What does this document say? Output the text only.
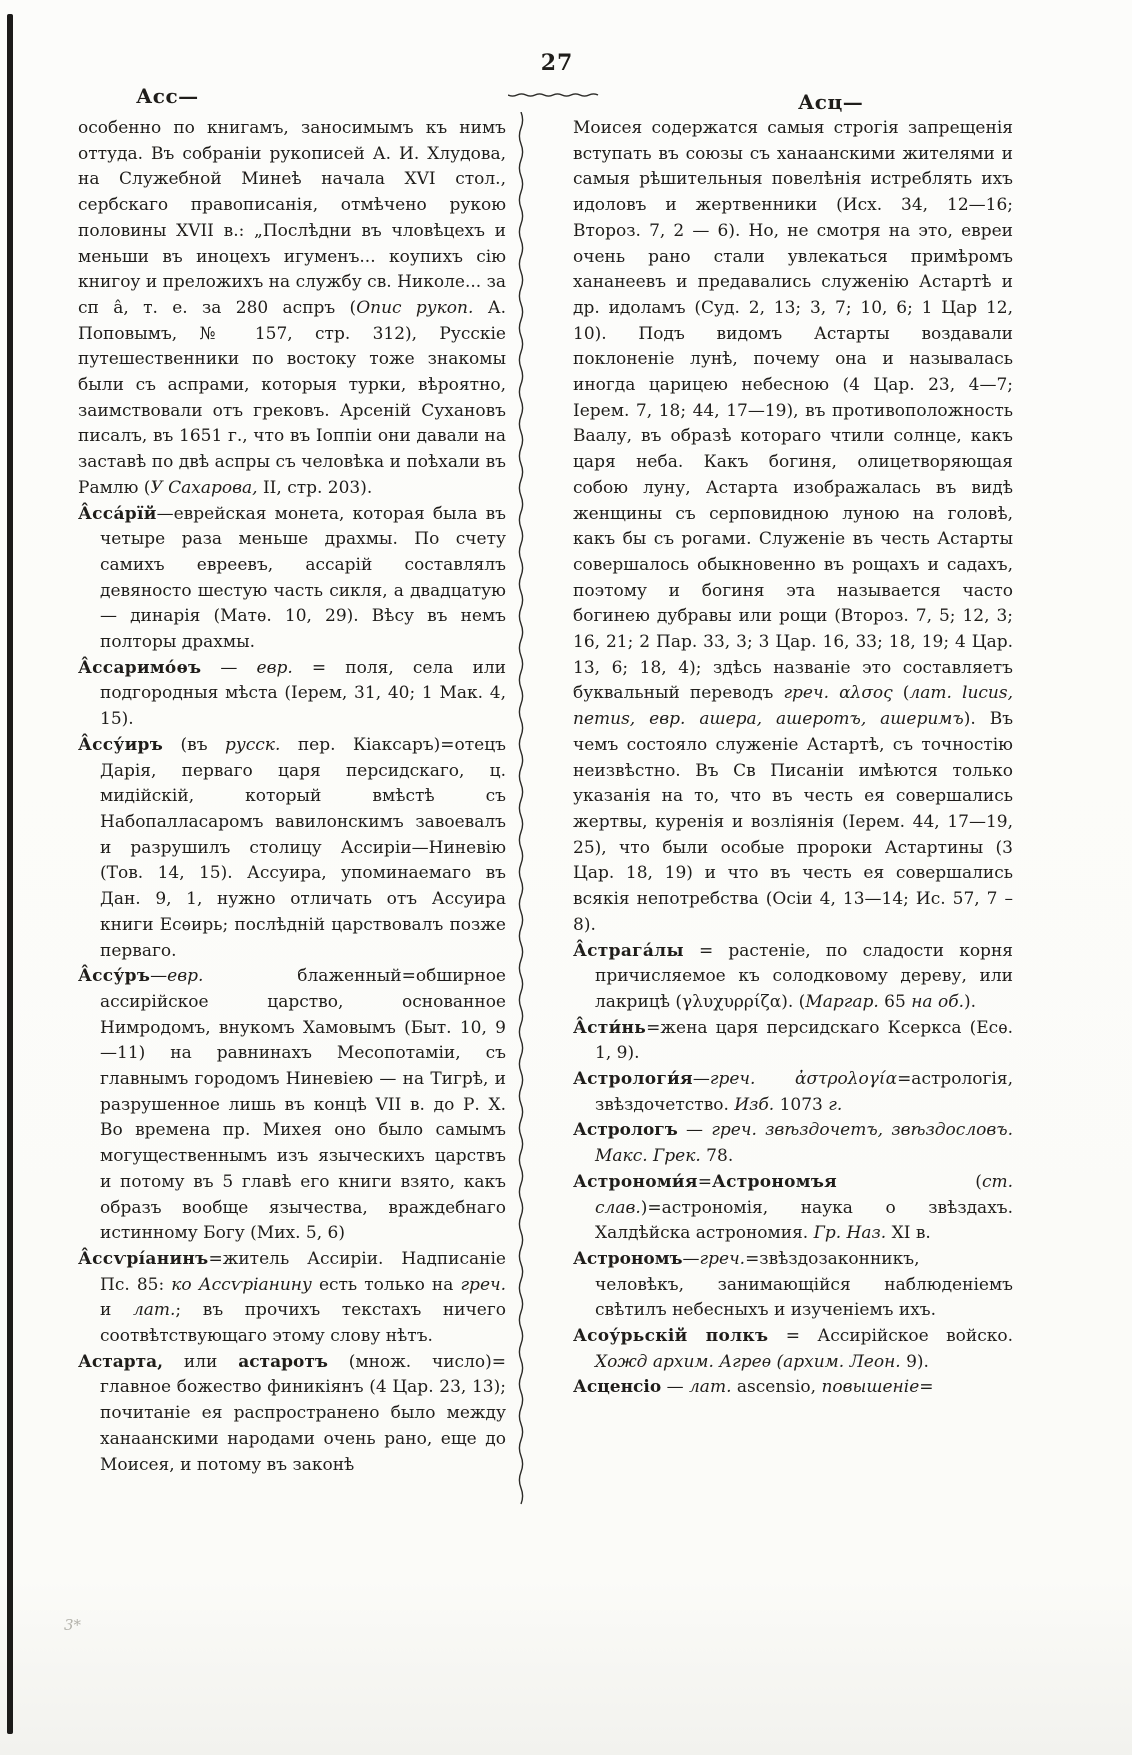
27
Асс—	Асц—

особенно по книгамъ, заносимымъ къ нимъ оттуда. Въ собраніи рукописей А. И. Хлудова, на Служебной Минеѣ начала XVI стол., сербскаго правописанія, отмѣчено рукою половины XVII в.: „Послѣдни въ чловѣцехъ и меньши въ иноцехъ игуменъ... коупихъ сію книгоу и преложихъ на службу св. Николе... за сп а̂, т. е. за 280 аспръ (Опис рукоп. А. Поповымъ, № 157, стр. 312), Русскіе путешественники по востоку тоже знакомы были съ аспрами, которыя турки, вѣроятно, заимствовали отъ грековъ. Арсеній Сухановъ писалъ, въ 1651 г., что въ Іоппіи они давали на заставѣ по двѣ аспры съ человѣка и поѣхали въ Рамлю (У Сахарова, II, стр. 203).

А̂сса́рїй—еврейская монета, которая была въ четыре раза меньше драхмы. По счету самихъ евреевъ, ассарій составлялъ девяносто шестую часть сикля, а двадцатую — динарія (Матѳ. 10, 29). Вѣсу въ немъ полторы драхмы.

А̂ссаримо́ѳъ — евр. = поля, села или подгородныя мѣста (Іерем, 31, 40; 1 Мак. 4, 15).

А̂ссу́иръ (въ русск. пер. Кіаксаръ)=отецъ Дарія, перваго царя персидскаго, ц. мидійскій, который вмѣстѣ съ Набопалласаромъ вавилонскимъ завоевалъ и разрушилъ столицу Ассиріи—Ниневію (Тов. 14, 15). Ассуира, упоминаемаго въ Дан. 9, 1, нужно отличать отъ Ассуира книги Есѳирь; послѣдній царствовалъ позже перваго.

А̂ссу́ръ—евр. блаженный=обширное ассирійское царство, основанное Нимродомъ, внукомъ Хамовымъ (Быт. 10, 9—11) на равнинахъ Месопотаміи, съ главнымъ городомъ Ниневіею — на Тигрѣ, и разрушенное лишь въ концѣ VII в. до Р. Х. Во времена пр. Михея оно было самымъ могущественнымъ изъ языческихъ царствъ и потому въ 5 главѣ его книги взято, какъ образъ вообще язычества, враждебнаго истинному Богу (Мих. 5, 6)

А̂ссѵрі́анинъ=житель Ассиріи. Надписаніе Пс. 85: ко Ассѵріанину есть только на греч. и лат.; въ прочихъ текстахъ ничего соотвѣтствующаго этому слову нѣтъ.

Астарта, или астаротъ (множ. число)= главное божество финикіянъ (4 Цар. 23, 13); почитаніе ея распространено было между ханаанскими народами очень рано, еще до Моисея, и потому въ законѣ

Моисея содержатся самыя строгія запрещенія вступать въ союзы съ ханаанскими жителями и самыя рѣшительныя повелѣнія истреблять ихъ идоловъ и жертвенники (Исх. 34, 12—16; Второз. 7, 2 — 6). Но, не смотря на это, евреи очень рано стали увлекаться примѣромъ хананеевъ и предавались служенію Астартѣ и др. идоламъ (Суд. 2, 13; 3, 7; 10, 6; 1 Цар 12, 10). Подъ видомъ Астарты воздавали поклоненіе лунѣ, почему она и называлась иногда царицею небесною (4 Цар. 23, 4—7; Іерем. 7, 18; 44, 17—19), въ противоположность Ваалу, въ образѣ котораго чтили солнце, какъ царя неба. Какъ богиня, олицетворяющая собою луну, Астарта изображалась въ видѣ женщины съ серповидною луною на головѣ, какъ бы съ рогами. Служеніе въ честь Астарты совершалось обыкновенно въ рощахъ и садахъ, поэтому и богиня эта называется часто богинею дубравы или рощи (Второз. 7, 5; 12, 3; 16, 21; 2 Пар. 33, 3; 3 Цар. 16, 33; 18, 19; 4 Цар. 13, 6; 18, 4); здѣсь названіе это составляетъ буквальный переводъ греч. αλσος (лат. lucus, nemus, евр. ашера, ашеротъ, ашеримъ). Въ чемъ состояло служеніе Астартѣ, съ точностію неизвѣстно. Въ Св Писаніи имѣются только указанія на то, что въ честь ея совершались жертвы, куренія и возліянія (Іерем. 44, 17—19, 25), что были особые пророки Астартины (3 Цар. 18, 19) и что въ честь ея совершались всякія непотребства (Осіи 4, 13—14; Ис. 57, 7 – 8).

А̂страга́лы = растеніе, по сладости корня причисляемое къ солодковому дереву, или лакрицѣ (γλυχυρρίζα). (Маргар. 65 на об.).

А̂сти́нь=жена царя персидскаго Ксеркса (Есѳ. 1, 9).

Астрологи́я—греч. ἀστρολογία=астрологія, звѣздочетство. Изб. 1073 г.

Астрологъ — греч. звѣздочетъ, звѣздословъ. Макс. Грек. 78.

Астрономи́я=Астрономъя (ст. слав.)=астрономія, наука о звѣздахъ. Халдѣйска астрономия. Гр. Наз. XI в.

Астрономъ—греч.=звѣздозаконникъ, человѣкъ, занимающійся наблюденіемъ свѣтилъ небесныхъ и изученіемъ ихъ.

Асоу́рьскій полкъ = Ассирійское войско. Хожд архим. Агреѳ (архим. Леон. 9).

Асценсіо — лат. ascensio, повышеніе=

3*
